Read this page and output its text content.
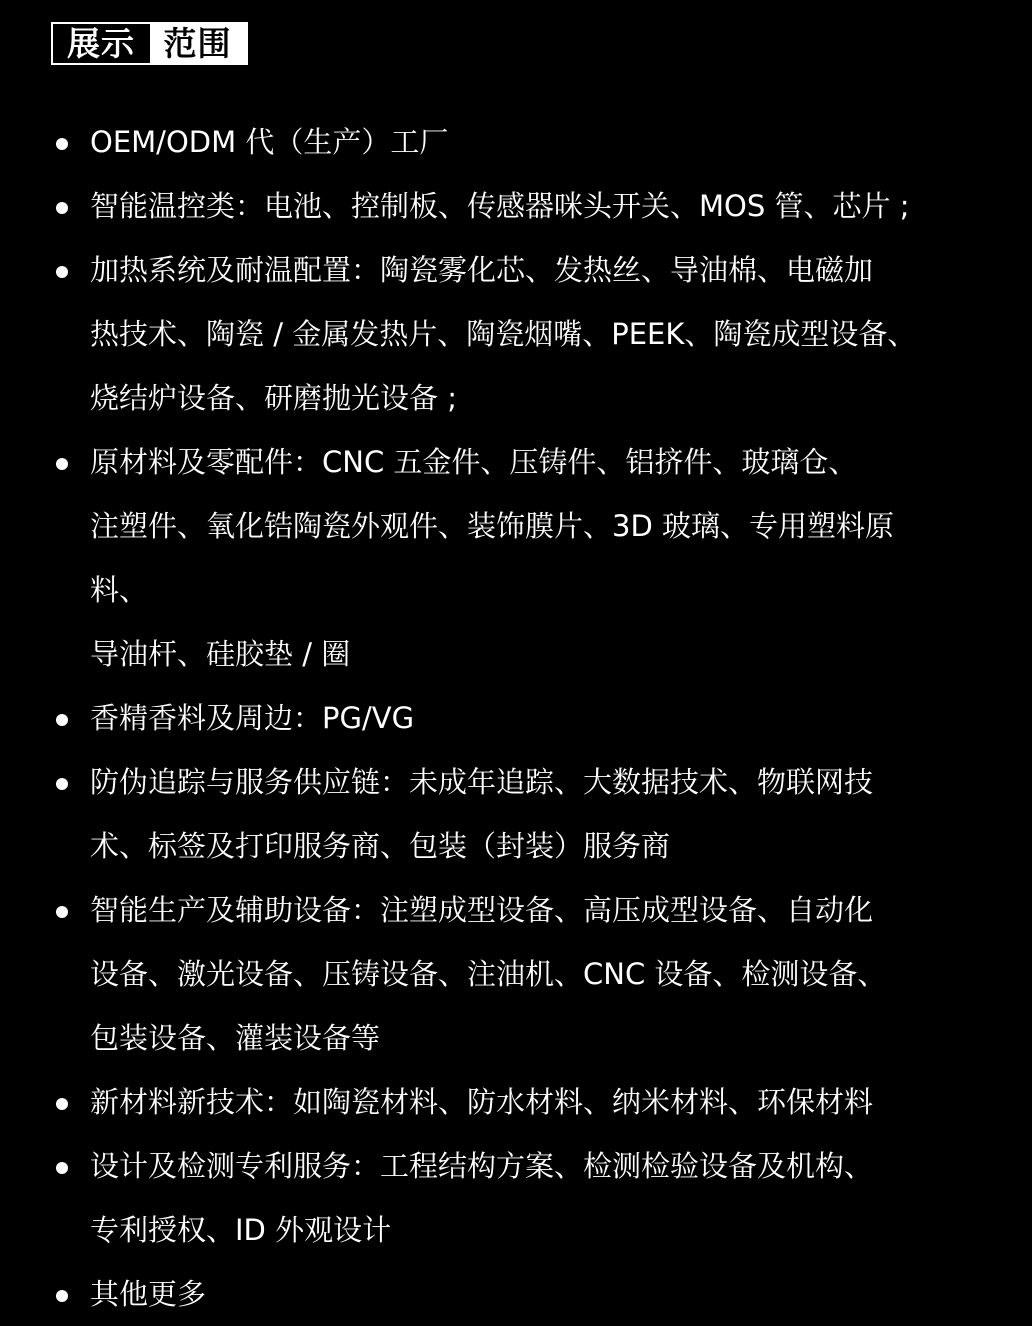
展示 范围
OEM/ODM 代（生产）工厂
智能温控类：电池、控制板、传感器咪头开关、MOS 管、芯片 ;
加热系统及耐温配置：陶瓷雾化芯、发热丝、导油棉、电磁加
热技术、陶瓷 / 金属发热片、陶瓷烟嘴、PEEK、陶瓷成型设备、
烧结炉设备、研磨抛光设备 ;
原材料及零配件：CNC 五金件、压铸件、铝挤件、玻璃仓、
注塑件、氧化锆陶瓷外观件、装饰膜片、3D 玻璃、专用塑料原料、
导油杆、硅胶垫 / 圈
香精香料及周边：PG/VG
防伪追踪与服务供应链：未成年追踪、大数据技术、物联网技
术、标签及打印服务商、包装（封装）服务商
智能生产及辅助设备：注塑成型设备、高压成型设备、自动化
设备、激光设备、压铸设备、注油机、CNC 设备、检测设备、
包装设备、灌装设备等
新材料新技术：如陶瓷材料、防水材料、纳米材料、环保材料
设计及检测专利服务：工程结构方案、检测检验设备及机构、
专利授权、ID 外观设计
其他更多
